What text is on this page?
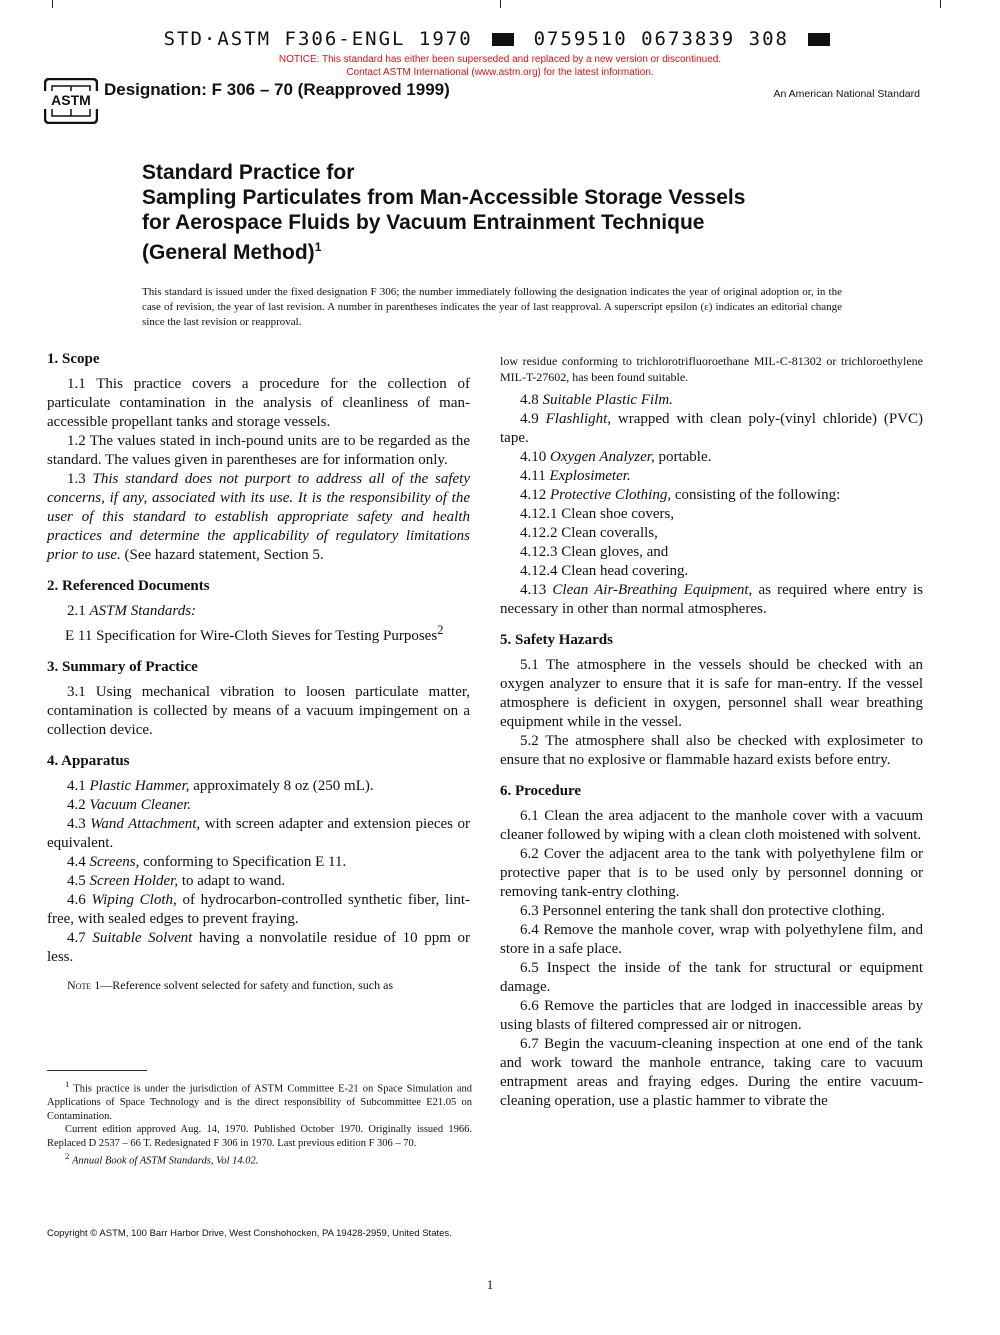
STD·ASTM F306-ENGL 1970	0759510 0673839 308
NOTICE: This standard has either been superseded and replaced by a new version or discontinued.
Contact ASTM International (www.astm.org) for the latest information.
ASTM
Designation: F 306 – 70 (Reapproved 1999)	An American National Standard
Standard Practice for
Sampling Particulates from Man-Accessible Storage Vessels
for Aerospace Fluids by Vacuum Entrainment Technique
(General Method)$^1$
This standard is issued under the fixed designation F 306; the number immediately following the designation indicates the year of original adoption or, in the case of revision, the year of last revision. A number in parentheses indicates the year of last reapproval. A superscript epsilon (ε) indicates an editorial change since the last revision or reapproval.
1. Scope

1.1 This practice covers a procedure for the collection of particulate contamination in the analysis of cleanliness of man-accessible propellant tanks and storage vessels.

1.2 The values stated in inch-pound units are to be regarded as the standard. The values given in parentheses are for information only.

1.3 This standard does not purport to address all of the safety concerns, if any, associated with its use. It is the responsibility of the user of this standard to establish appropriate safety and health practices and determine the applicability of regulatory limitations prior to use. (See hazard statement, Section 5.

2. Referenced Documents

2.1 ASTM Standards:

E 11 Specification for Wire-Cloth Sieves for Testing Purposes$^2$

3. Summary of Practice

3.1 Using mechanical vibration to loosen particulate matter, contamination is collected by means of a vacuum impingement on a collection device.

4. Apparatus

4.1 Plastic Hammer, approximately 8 oz (250 mL).

4.2 Vacuum Cleaner.

4.3 Wand Attachment, with screen adapter and extension pieces or equivalent.

4.4 Screens, conforming to Specification E 11.

4.5 Screen Holder, to adapt to wand.

4.6 Wiping Cloth, of hydrocarbon-controlled synthetic fiber, lint-free, with sealed edges to prevent fraying.

4.7 Suitable Solvent having a nonvolatile residue of 10 ppm or less.

Note 1—Reference solvent selected for safety and function, such as

$^1$ This practice is under the jurisdiction of ASTM Committee E-21 on Space Simulation and Applications of Space Technology and is the direct responsibility of Subcommittee E21.05 on Contamination.

Current edition approved Aug. 14, 1970. Published October 1970. Originally issued 1966. Replaced D 2537 – 66 T. Redesignated F 306 in 1970. Last previous edition F 306 – 70.

$^2$ Annual Book of ASTM Standards, Vol 14.02.

low residue conforming to trichlorotrifluoroethane MIL-C-81302 or trichloroethylene MIL-T-27602, has been found suitable.

4.8 Suitable Plastic Film.

4.9 Flashlight, wrapped with clean poly-(vinyl chloride) (PVC) tape.

4.10 Oxygen Analyzer, portable.

4.11 Explosimeter.

4.12 Protective Clothing, consisting of the following:

4.12.1 Clean shoe covers,

4.12.2 Clean coveralls,

4.12.3 Clean gloves, and

4.12.4 Clean head covering.

4.13 Clean Air-Breathing Equipment, as required where entry is necessary in other than normal atmospheres.

5. Safety Hazards

5.1 The atmosphere in the vessels should be checked with an oxygen analyzer to ensure that it is safe for man-entry. If the vessel atmosphere is deficient in oxygen, personnel shall wear breathing equipment while in the vessel.

5.2 The atmosphere shall also be checked with explosimeter to ensure that no explosive or flammable hazard exists before entry.

6. Procedure

6.1 Clean the area adjacent to the manhole cover with a vacuum cleaner followed by wiping with a clean cloth moistened with solvent.

6.2 Cover the adjacent area to the tank with polyethylene film or protective paper that is to be used only by personnel donning or removing tank-entry clothing.

6.3 Personnel entering the tank shall don protective clothing.

6.4 Remove the manhole cover, wrap with polyethylene film, and store in a safe place.

6.5 Inspect the inside of the tank for structural or equipment damage.

6.6 Remove the particles that are lodged in inaccessible areas by using blasts of filtered compressed air or nitrogen.

6.7 Begin the vacuum-cleaning inspection at one end of the tank and work toward the manhole entrance, taking care to vacuum entrapment areas and fraying edges. During the entire vacuum-cleaning operation, use a plastic hammer to vibrate the

Copyright © ASTM, 100 Barr Harbor Drive, West Conshohocken, PA 19428-2959, United States.
1
